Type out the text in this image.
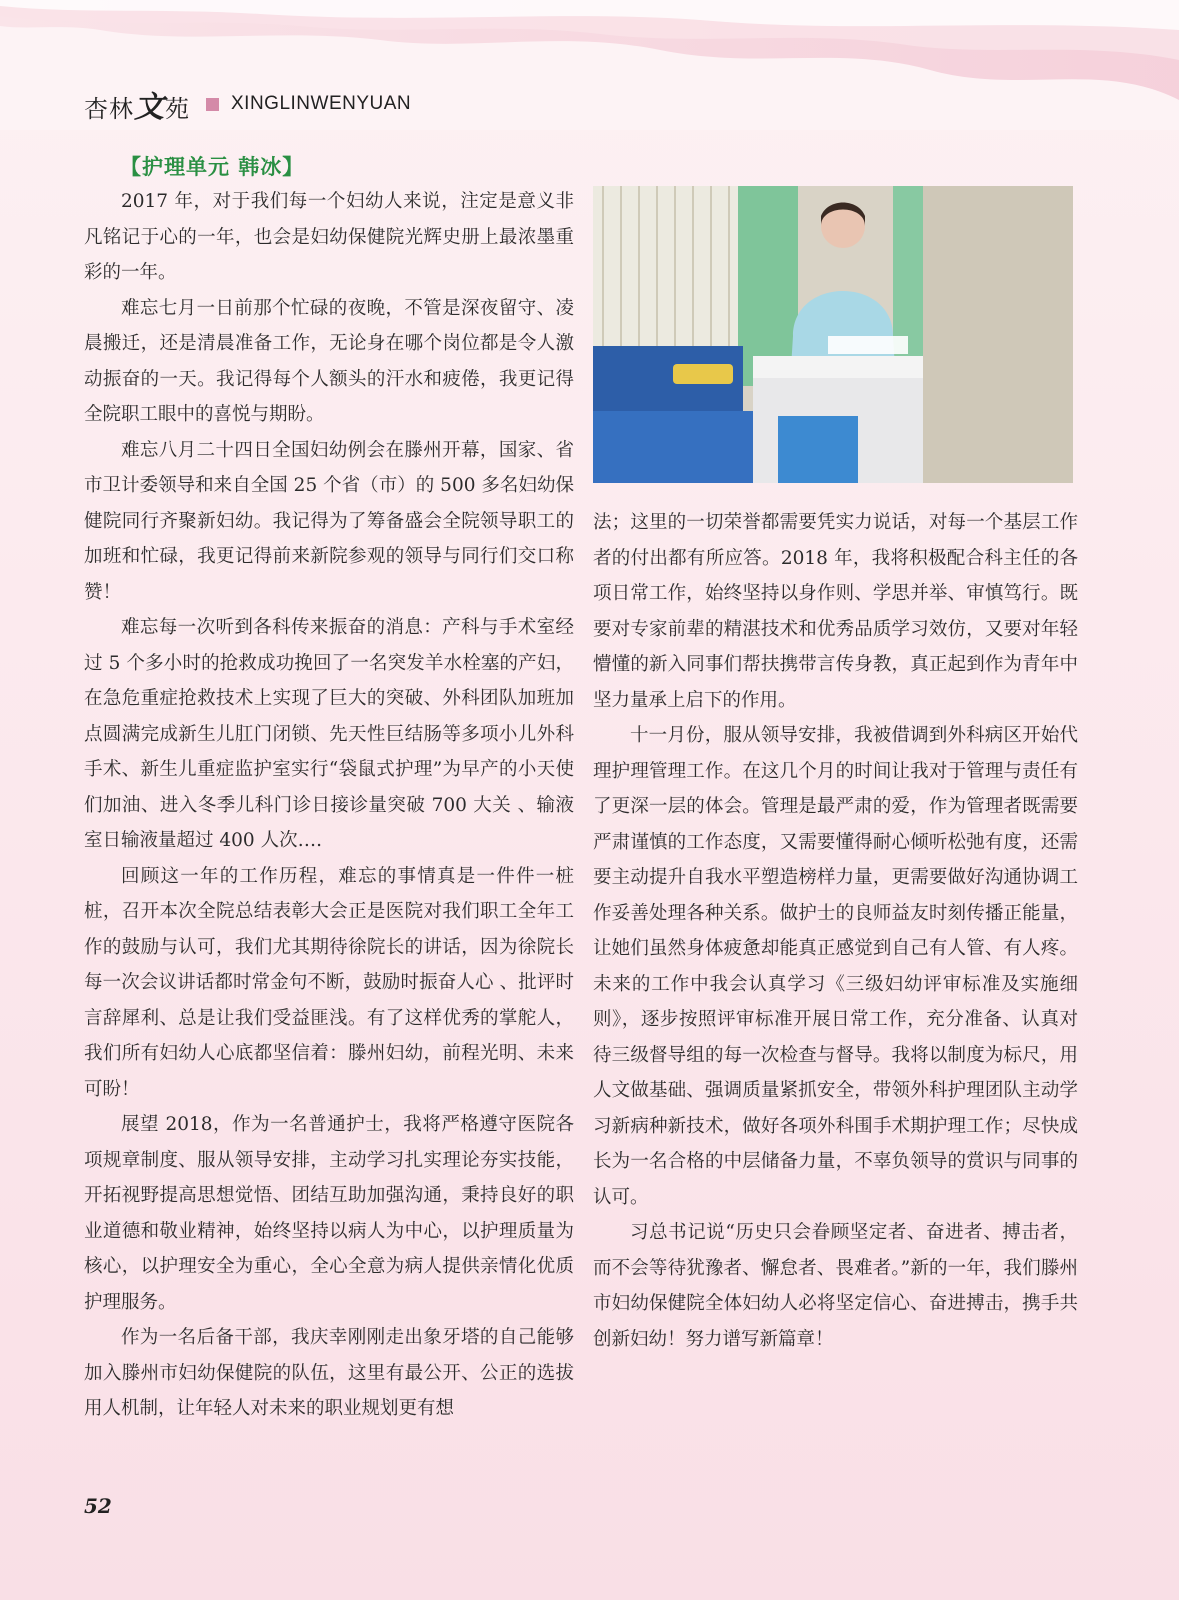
杏林文苑 XINGLINWENYUAN
【护理单元 韩冰】

2017 年，对于我们每一个妇幼人来说，注定是意义非凡铭记于心的一年，也会是妇幼保健院光辉史册上最浓墨重彩的一年。

难忘七月一日前那个忙碌的夜晚，不管是深夜留守、凌晨搬迁，还是清晨准备工作，无论身在哪个岗位都是令人激动振奋的一天。我记得每个人额头的汗水和疲倦，我更记得全院职工眼中的喜悦与期盼。

难忘八月二十四日全国妇幼例会在滕州开幕，国家、省市卫计委领导和来自全国 25 个省（市）的 500 多名妇幼保健院同行齐聚新妇幼。我记得为了筹备盛会全院领导职工的加班和忙碌，我更记得前来新院参观的领导与同行们交口称赞！

难忘每一次听到各科传来振奋的消息：产科与手术室经过 5 个多小时的抢救成功挽回了一名突发羊水栓塞的产妇，在急危重症抢救技术上实现了巨大的突破、外科团队加班加点圆满完成新生儿肛门闭锁、先天性巨结肠等多项小儿外科手术、新生儿重症监护室实行“袋鼠式护理”为早产的小天使们加油、进入冬季儿科门诊日接诊量突破 700 大关 、输液室日输液量超过 400 人次….

回顾这一年的工作历程，难忘的事情真是一件件一桩桩，召开本次全院总结表彰大会正是医院对我们职工全年工作的鼓励与认可，我们尤其期待徐院长的讲话，因为徐院长每一次会议讲话都时常金句不断，鼓励时振奋人心 、批评时言辞犀利、总是让我们受益匪浅。有了这样优秀的掌舵人，我们所有妇幼人心底都坚信着：滕州妇幼，前程光明、未来可盼！

展望 2018，作为一名普通护士，我将严格遵守医院各项规章制度、服从领导安排，主动学习扎实理论夯实技能，开拓视野提高思想觉悟、团结互助加强沟通，秉持良好的职业道德和敬业精神，始终坚持以病人为中心，以护理质量为核心，以护理安全为重心，全心全意为病人提供亲情化优质护理服务。

作为一名后备干部，我庆幸刚刚走出象牙塔的自己能够加入滕州市妇幼保健院的队伍，这里有最公开、公正的选拔用人机制，让年轻人对未来的职业规划更有想

法；这里的一切荣誉都需要凭实力说话，对每一个基层工作者的付出都有所应答。2018 年，我将积极配合科主任的各项日常工作，始终坚持以身作则、学思并举、审慎笃行。既要对专家前辈的精湛技术和优秀品质学习效仿，又要对年轻懵懂的新入同事们帮扶携带言传身教，真正起到作为青年中坚力量承上启下的作用。

十一月份，服从领导安排，我被借调到外科病区开始代理护理管理工作。在这几个月的时间让我对于管理与责任有了更深一层的体会。管理是最严肃的爱，作为管理者既需要严肃谨慎的工作态度，又需要懂得耐心倾听松弛有度，还需要主动提升自我水平塑造榜样力量，更需要做好沟通协调工作妥善处理各种关系。做护士的良师益友时刻传播正能量，让她们虽然身体疲惫却能真正感觉到自己有人管、有人疼。未来的工作中我会认真学习《三级妇幼评审标准及实施细则》，逐步按照评审标准开展日常工作，充分准备、认真对待三级督导组的每一次检查与督导。我将以制度为标尺，用人文做基础、强调质量紧抓安全，带领外科护理团队主动学习新病种新技术，做好各项外科围手术期护理工作；尽快成长为一名合格的中层储备力量，不辜负领导的赏识与同事的认可。

习总书记说“历史只会眷顾坚定者、奋进者、搏击者，而不会等待犹豫者、懈怠者、畏难者。”新的一年，我们滕州市妇幼保健院全体妇幼人必将坚定信心、奋进搏击，携手共创新妇幼！努力谱写新篇章！

52
